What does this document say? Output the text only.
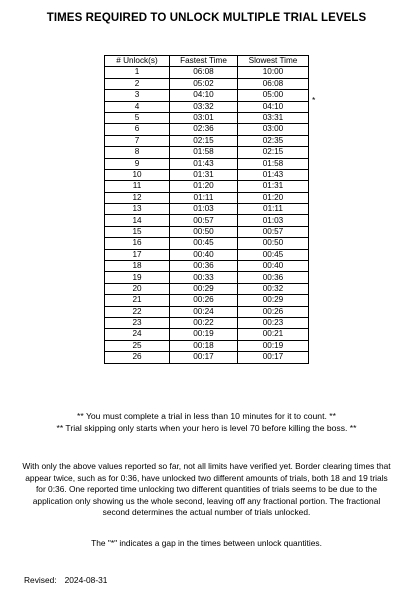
TIMES REQUIRED TO UNLOCK MULTIPLE TRIAL LEVELS
# Unlock(s)	Fastest Time	Slowest Time
1	06:08	10:00
2	05:02	06:08
3	04:10	05:00
4	03:32	04:10
5	03:01	03:31
6	02:36	03:00
7	02:15	02:35
8	01:58	02:15
9	01:43	01:58
10	01:31	01:43
11	01:20	01:31
12	01:11	01:20
13	01:03	01:11
14	00:57	01:03
15	00:50	00:57
16	00:45	00:50
17	00:40	00:45
18	00:36	00:40
19	00:33	00:36
20	00:29	00:32
21	00:26	00:29
22	00:24	00:26
23	00:22	00:23
24	00:19	00:21
25	00:18	00:19
26	00:17	00:17
*
** You must complete a trial in less than 10 minutes for it to count. **
** Trial skipping only starts when your hero is level 70 before killing the boss. **
With only the above values reported so far, not all limits have verified yet. Border clearing times that appear twice, such as for 0:36, have unlocked two different amounts of trials, both 18 and 19 trials for 0:36. One reported time unlocking two different quantities of trials seems to be due to the application only showing us the whole second, leaving off any fractional portion. The fractional second determines the actual number of trials unlocked.
The "*" indicates a gap in the times between unlock quantities.
Revised: 2024-08-31
